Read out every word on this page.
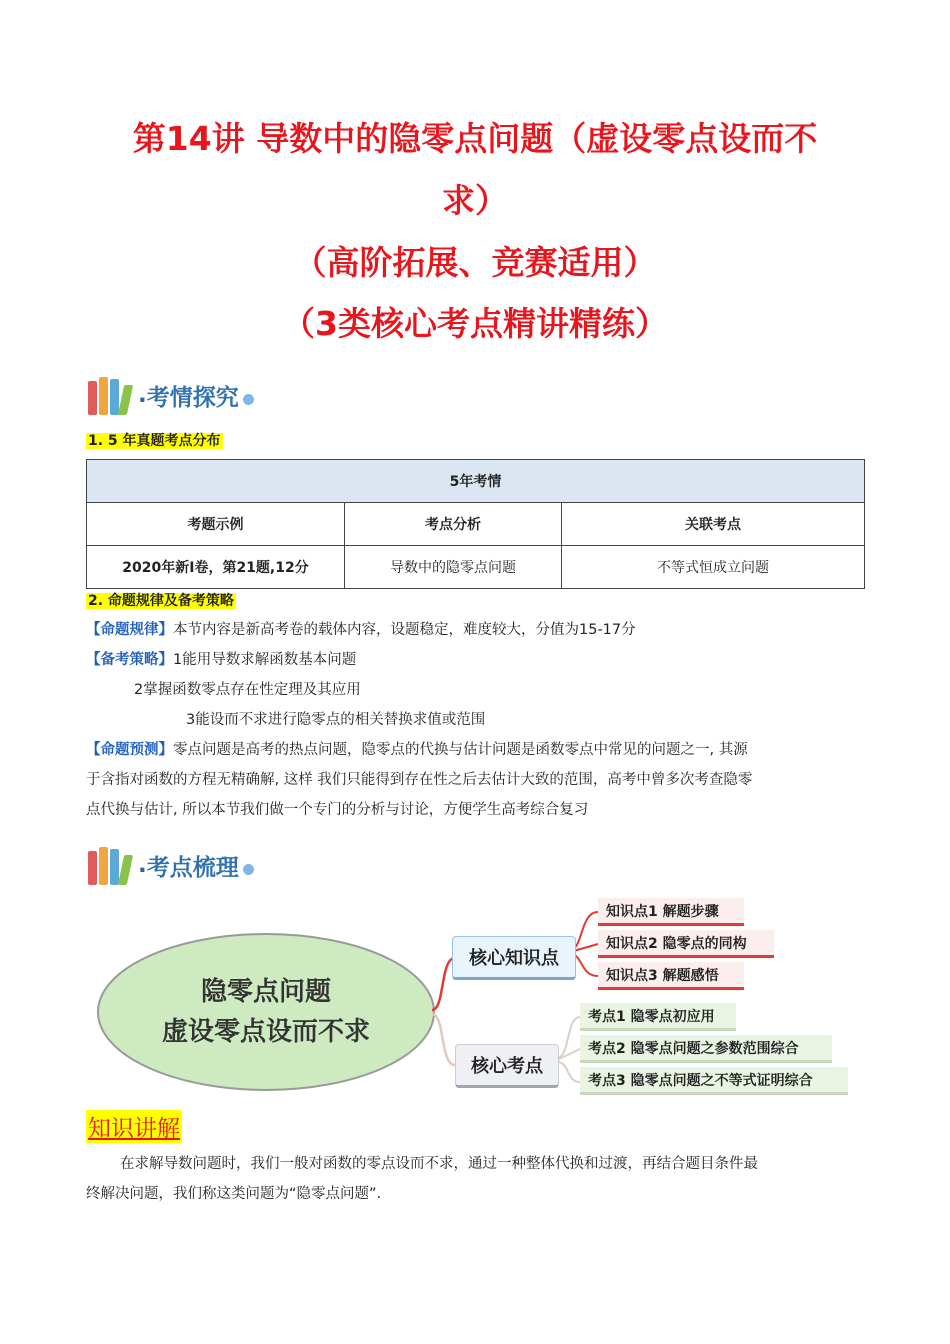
第14讲 导数中的隐零点问题（虚设零点设而不
求）
（高阶拓展、竞赛适用）
（3类核心考点精讲精练）
. 考情探究
1. 5 年真题考点分布
5年考情		
考题示例	考点分析	关联考点
2020年新I卷，第21题,12分	导数中的隐零点问题	不等式恒成立问题
2. 命题规律及备考策略
【命题规律】本节内容是新高考卷的载体内容，设题稳定，难度较大，分值为15-17分
【备考策略】1能用导数求解函数基本问题
2掌握函数零点存在性定理及其应用
3能设而不求进行隐零点的相关替换求值或范围
【命题预测】零点问题是高考的热点问题，隐零点的代换与估计问题是函数零点中常见的问题之一, 其源
于含指对函数的方程无精确解, 这样 我们只能得到存在性之后去估计大致的范围，高考中曾多次考查隐零
点代换与估计, 所以本节我们做一个专门的分析与讨论，方便学生高考综合复习
. 考点梳理
隐零点问题
虚设零点设而不求
核心知识点
核心考点
知识点1 解题步骤
知识点2 隐零点的同构
知识点3 解题感悟
考点1 隐零点初应用
考点2 隐零点问题之参数范围综合
考点3 隐零点问题之不等式证明综合
知识讲解
在求解导数问题时，我们一般对函数的零点设而不求，通过一种整体代换和过渡，再结合题目条件最
终解决问题，我们称这类问题为“隐零点问题”.
